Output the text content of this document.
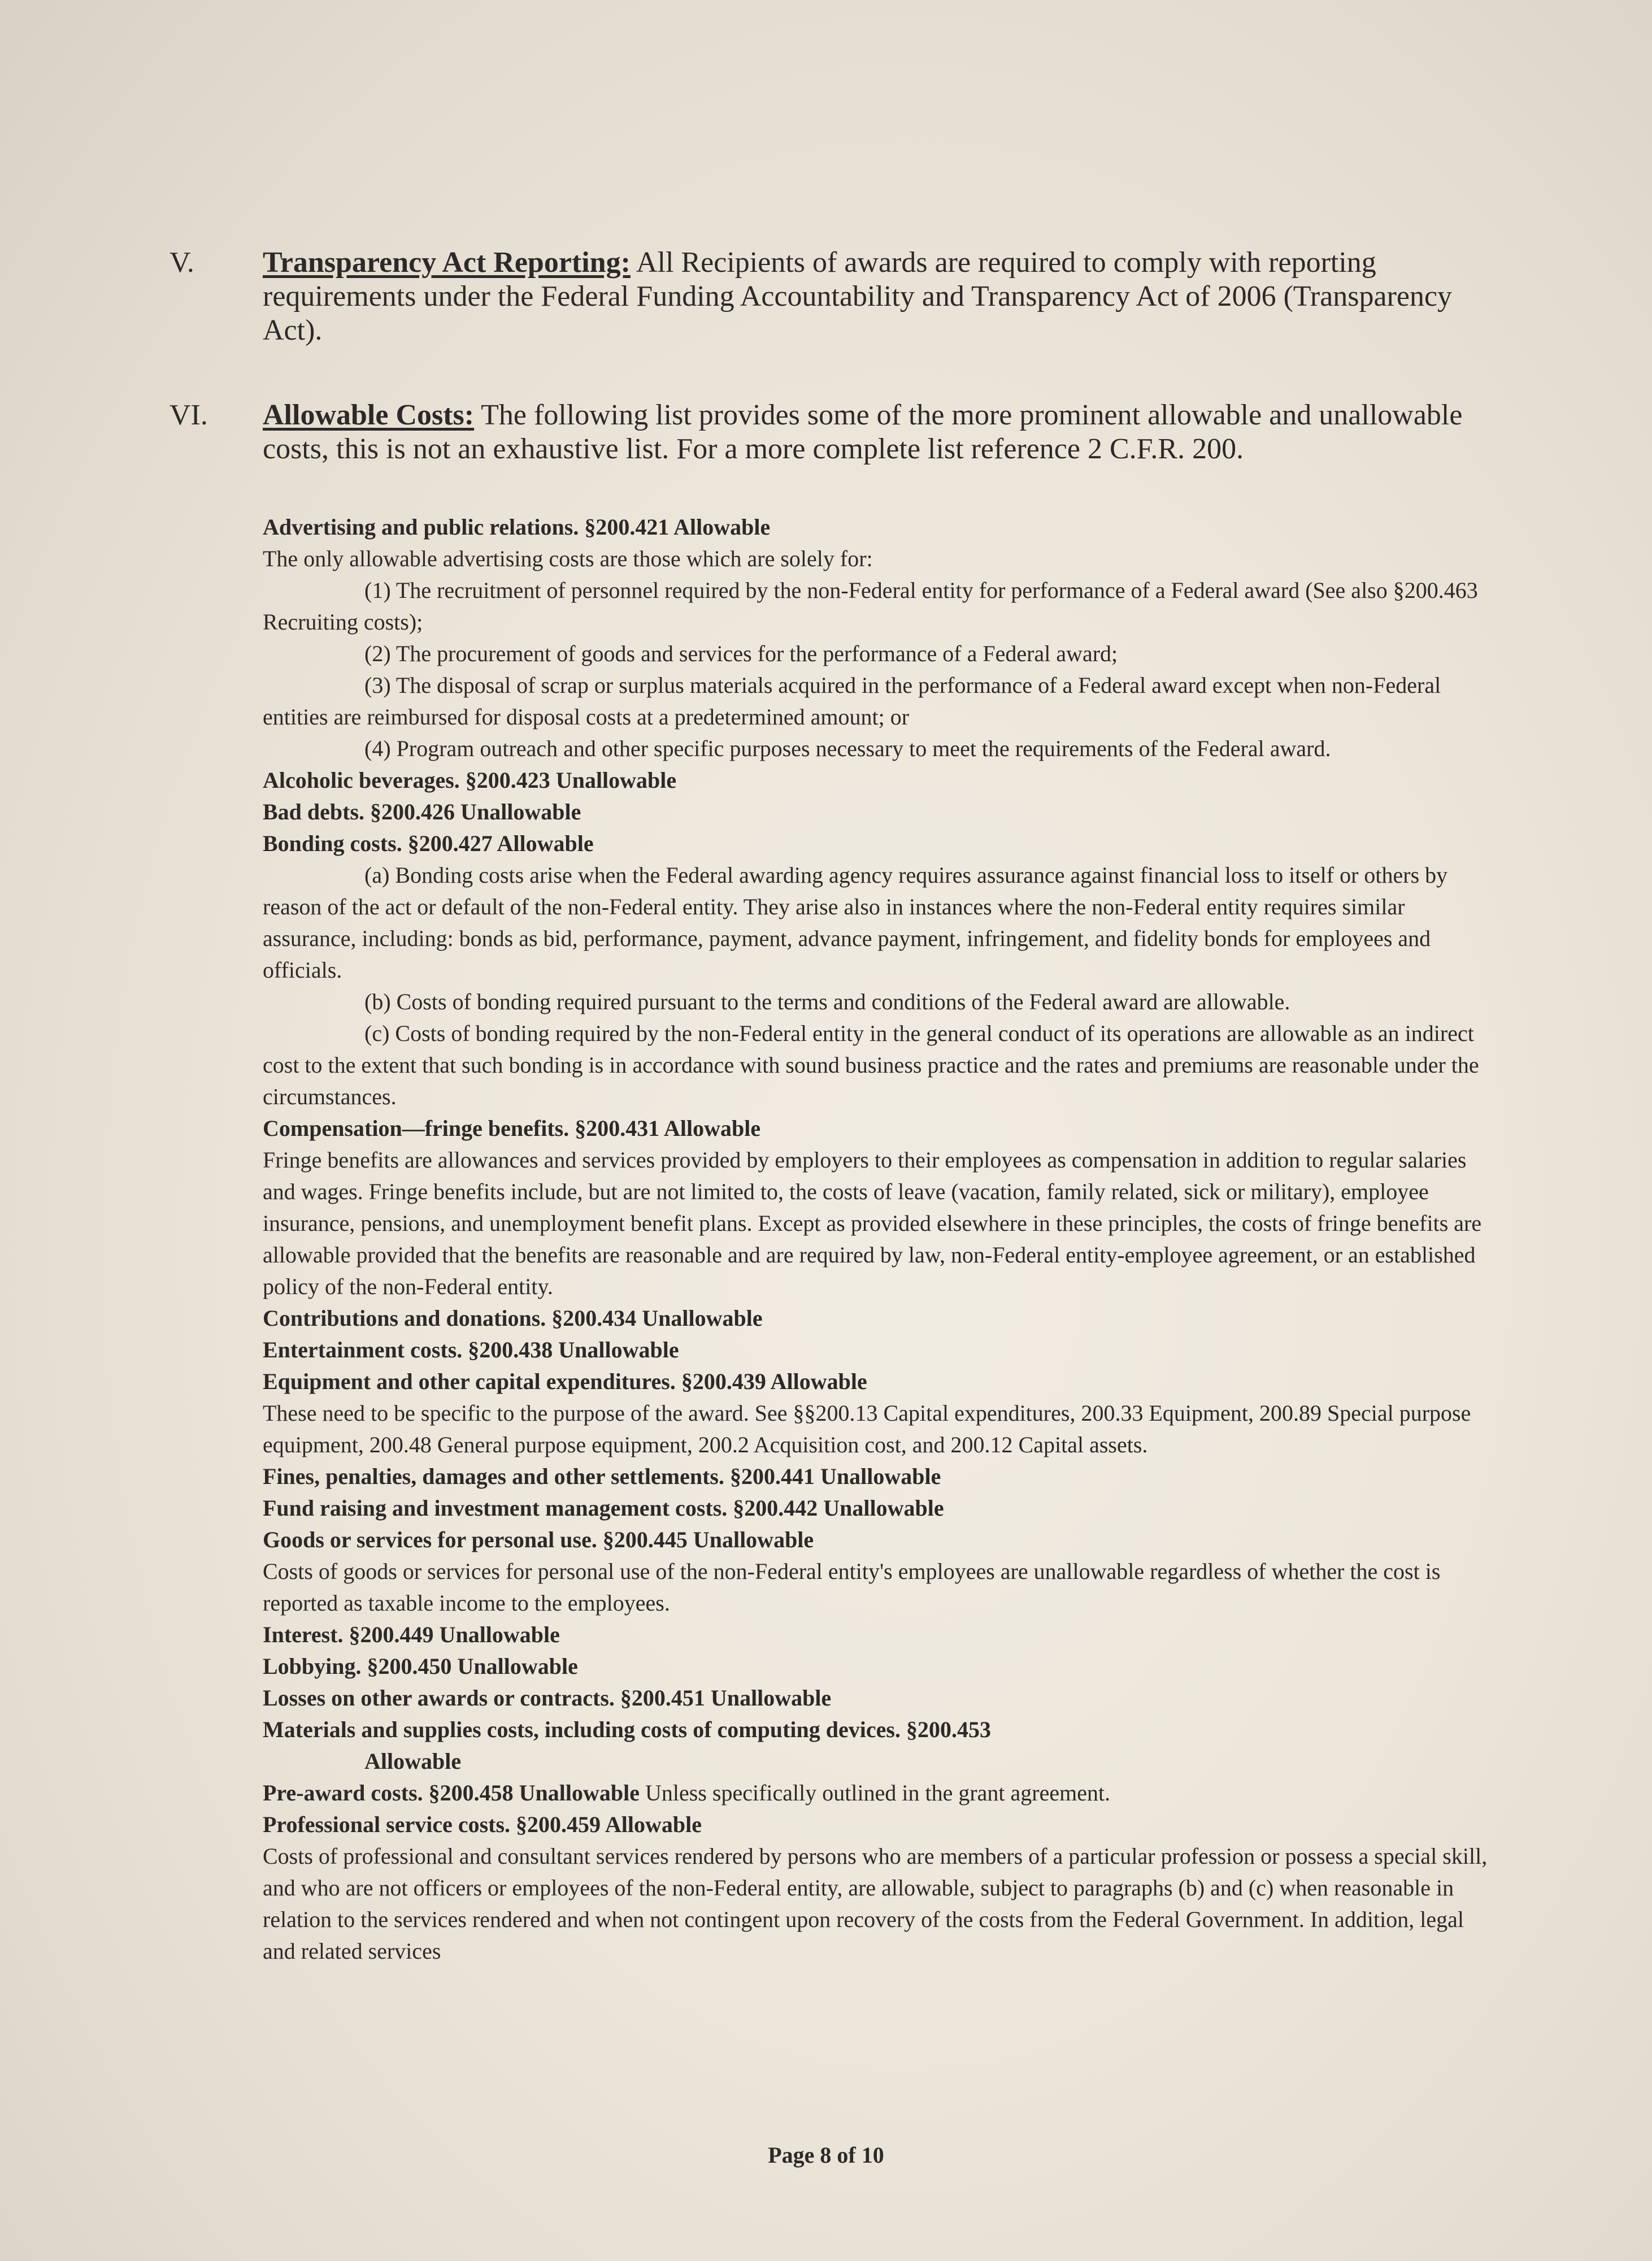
V. Transparency Act Reporting: All Recipients of awards are required to comply with reporting requirements under the Federal Funding Accountability and Transparency Act of 2006 (Transparency Act).
VI. Allowable Costs: The following list provides some of the more prominent allowable and unallowable costs, this is not an exhaustive list. For a more complete list reference 2 C.F.R. 200.

Advertising and public relations. §200.421 Allowable

The only allowable advertising costs are those which are solely for:

(1) The recruitment of personnel required by the non-Federal entity for performance of a Federal award (See also §200.463 Recruiting costs);

(2) The procurement of goods and services for the performance of a Federal award;

(3) The disposal of scrap or surplus materials acquired in the performance of a Federal award except when non-Federal entities are reimbursed for disposal costs at a predetermined amount; or

(4) Program outreach and other specific purposes necessary to meet the requirements of the Federal award.

Alcoholic beverages. §200.423 Unallowable

Bad debts. §200.426 Unallowable

Bonding costs. §200.427 Allowable

(a) Bonding costs arise when the Federal awarding agency requires assurance against financial loss to itself or others by reason of the act or default of the non-Federal entity. They arise also in instances where the non-Federal entity requires similar assurance, including: bonds as bid, performance, payment, advance payment, infringement, and fidelity bonds for employees and officials.

(b) Costs of bonding required pursuant to the terms and conditions of the Federal award are allowable.

(c) Costs of bonding required by the non-Federal entity in the general conduct of its operations are allowable as an indirect cost to the extent that such bonding is in accordance with sound business practice and the rates and premiums are reasonable under the circumstances.

Compensation—fringe benefits. §200.431 Allowable

Fringe benefits are allowances and services provided by employers to their employees as compensation in addition to regular salaries and wages. Fringe benefits include, but are not limited to, the costs of leave (vacation, family related, sick or military), employee insurance, pensions, and unemployment benefit plans. Except as provided elsewhere in these principles, the costs of fringe benefits are allowable provided that the benefits are reasonable and are required by law, non-Federal entity-employee agreement, or an established policy of the non-Federal entity.

Contributions and donations. §200.434 Unallowable

Entertainment costs. §200.438 Unallowable

Equipment and other capital expenditures. §200.439 Allowable

These need to be specific to the purpose of the award. See §§200.13 Capital expenditures, 200.33 Equipment, 200.89 Special purpose equipment, 200.48 General purpose equipment, 200.2 Acquisition cost, and 200.12 Capital assets.

Fines, penalties, damages and other settlements. §200.441 Unallowable

Fund raising and investment management costs. §200.442 Unallowable

Goods or services for personal use. §200.445 Unallowable

Costs of goods or services for personal use of the non-Federal entity's employees are unallowable regardless of whether the cost is reported as taxable income to the employees.

Interest. §200.449 Unallowable

Lobbying. §200.450 Unallowable

Losses on other awards or contracts. §200.451 Unallowable

Materials and supplies costs, including costs of computing devices. §200.453

Allowable

Pre-award costs. §200.458 Unallowable Unless specifically outlined in the grant agreement.

Professional service costs. §200.459 Allowable

Costs of professional and consultant services rendered by persons who are members of a particular profession or possess a special skill, and who are not officers or employees of the non-Federal entity, are allowable, subject to paragraphs (b) and (c) when reasonable in relation to the services rendered and when not contingent upon recovery of the costs from the Federal Government. In addition, legal and related services

Page 8 of 10
